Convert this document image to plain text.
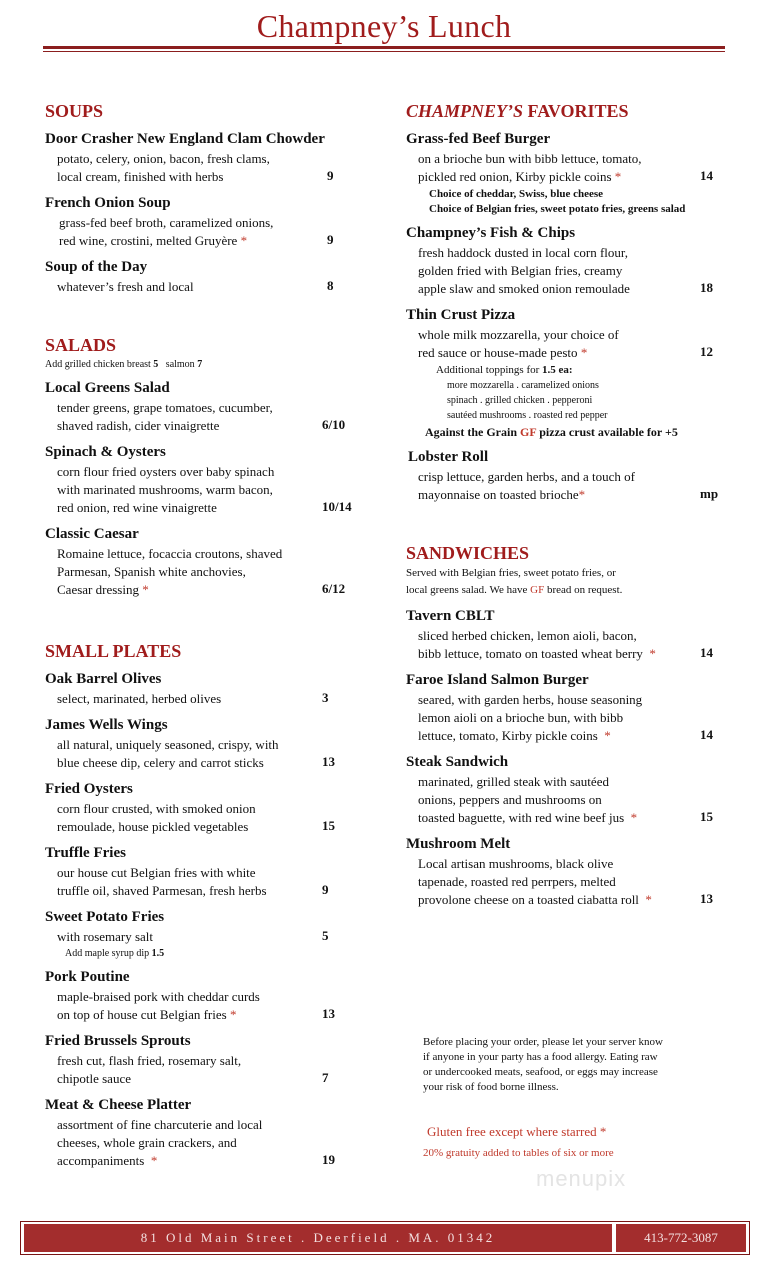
Champney’s Lunch
SOUPS
Door Crasher New England Clam Chowder
potato, celery, onion, bacon, fresh clams,
local cream, finished with herbs	9
French Onion Soup
grass-fed beef broth, caramelized onions,
red wine, crostini, melted Gruyère *	9
Soup of the Day
whatever’s fresh and local	8
SALADS
Add grilled chicken breast 5 salmon 7
Local Greens Salad
tender greens, grape tomatoes, cucumber,
shaved radish, cider vinaigrette	6/10
Spinach & Oysters
corn flour fried oysters over baby spinach
with marinated mushrooms, warm bacon,
red onion, red wine vinaigrette	10/14
Classic Caesar
Romaine lettuce, focaccia croutons, shaved
Parmesan, Spanish white anchovies,
Caesar dressing *	6/12
SMALL PLATES
Oak Barrel Olives
select, marinated, herbed olives	3
James Wells Wings
all natural, uniquely seasoned, crispy, with
blue cheese dip, celery and carrot sticks	13
Fried Oysters
corn flour crusted, with smoked onion
remoulade, house pickled vegetables	15
Truffle Fries
our house cut Belgian fries with white
truffle oil, shaved Parmesan, fresh herbs	9
Sweet Potato Fries
with rosemary salt	5
Add maple syrup dip 1.5
Pork Poutine
maple-braised pork with cheddar curds
on top of house cut Belgian fries *	13
Fried Brussels Sprouts
fresh cut, flash fried, rosemary salt,
chipotle sauce	7
Meat & Cheese Platter
assortment of fine charcuterie and local
cheeses, whole grain crackers, and
accompaniments *	19
CHAMPNEY’S FAVORITES
Grass-fed Beef Burger
on a brioche bun with bibb lettuce, tomato,
pickled red onion, Kirby pickle coins *	14
Choice of cheddar, Swiss, blue cheese
Choice of Belgian fries, sweet potato fries, greens salad
Champney’s Fish & Chips
fresh haddock dusted in local corn flour,
golden fried with Belgian fries, creamy
apple slaw and smoked onion remoulade	18
Thin Crust Pizza
whole milk mozzarella, your choice of
red sauce or house-made pesto *	12
Additional toppings for 1.5 ea:
more mozzarella . caramelized onions
spinach . grilled chicken . pepperoni
sautéed mushrooms . roasted red pepper
Against the Grain GF pizza crust available for +5
Lobster Roll
crisp lettuce, garden herbs, and a touch of
mayonnaise on toasted brioche*	mp
SANDWICHES
Served with Belgian fries, sweet potato fries, or
local greens salad. We have GF bread on request.
Tavern CBLT
sliced herbed chicken, lemon aioli, bacon,
bibb lettuce, tomato on toasted wheat berry *	14
Faroe Island Salmon Burger
seared, with garden herbs, house seasoning
lemon aioli on a brioche bun, with bibb
lettuce, tomato, Kirby pickle coins *	14
Steak Sandwich
marinated, grilled steak with sautéed
onions, peppers and mushrooms on
toasted baguette, with red wine beef jus *	15
Mushroom Melt
Local artisan mushrooms, black olive
tapenade, roasted red perrpers, melted
provolone cheese on a toasted ciabatta roll *	13
Before placing your order, please let your server know
if anyone in your party has a food allergy. Eating raw
or undercooked meats, seafood, or eggs may increase
your risk of food borne illness.
Gluten free except where starred *
20% gratuity added to tables of six or more
menupix
81 Old Main Street . Deerfield . MA. 01342	413-772-3087
